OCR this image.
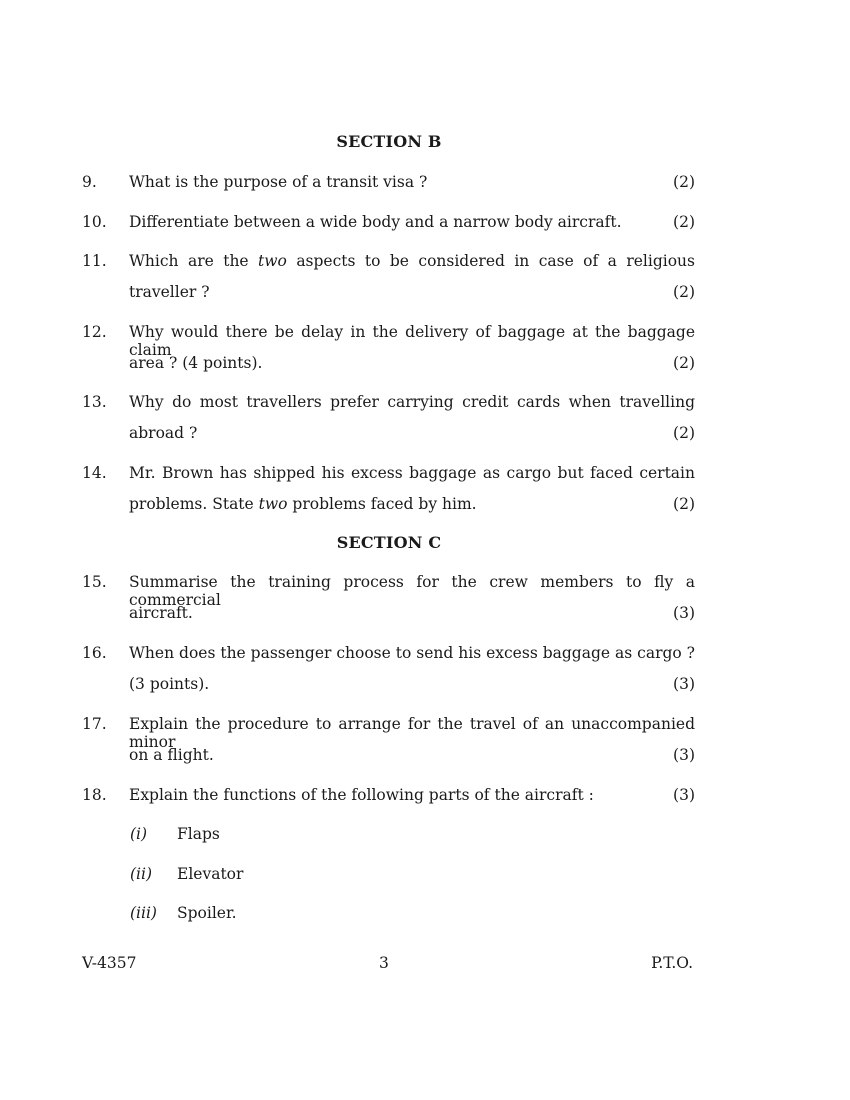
SECTION B
9. What is the purpose of a transit visa ?	(2)
10. Differentiate between a wide body and a narrow body aircraft.	(2)
11. Which are the two aspects to be considered in case of a religious
traveller ?	(2)
12. Why would there be delay in the delivery of baggage at the baggage claim
area ? (4 points).	(2)
13. Why do most travellers prefer carrying credit cards when travelling
abroad ?	(2)
14. Mr. Brown has shipped his excess baggage as cargo but faced certain
problems. State two problems faced by him.	(2)
SECTION C
15. Summarise the training process for the crew members to fly a commercial
aircraft.	(3)
16. When does the passenger choose to send his excess baggage as cargo ?
(3 points).	(3)
17. Explain the procedure to arrange for the travel of an unaccompanied minor
on a flight.	(3)
18. Explain the functions of the following parts of the aircraft :	(3)
(i) Flaps
(ii) Elevator
(iii) Spoiler.
V-4357	3	P.T.O.
